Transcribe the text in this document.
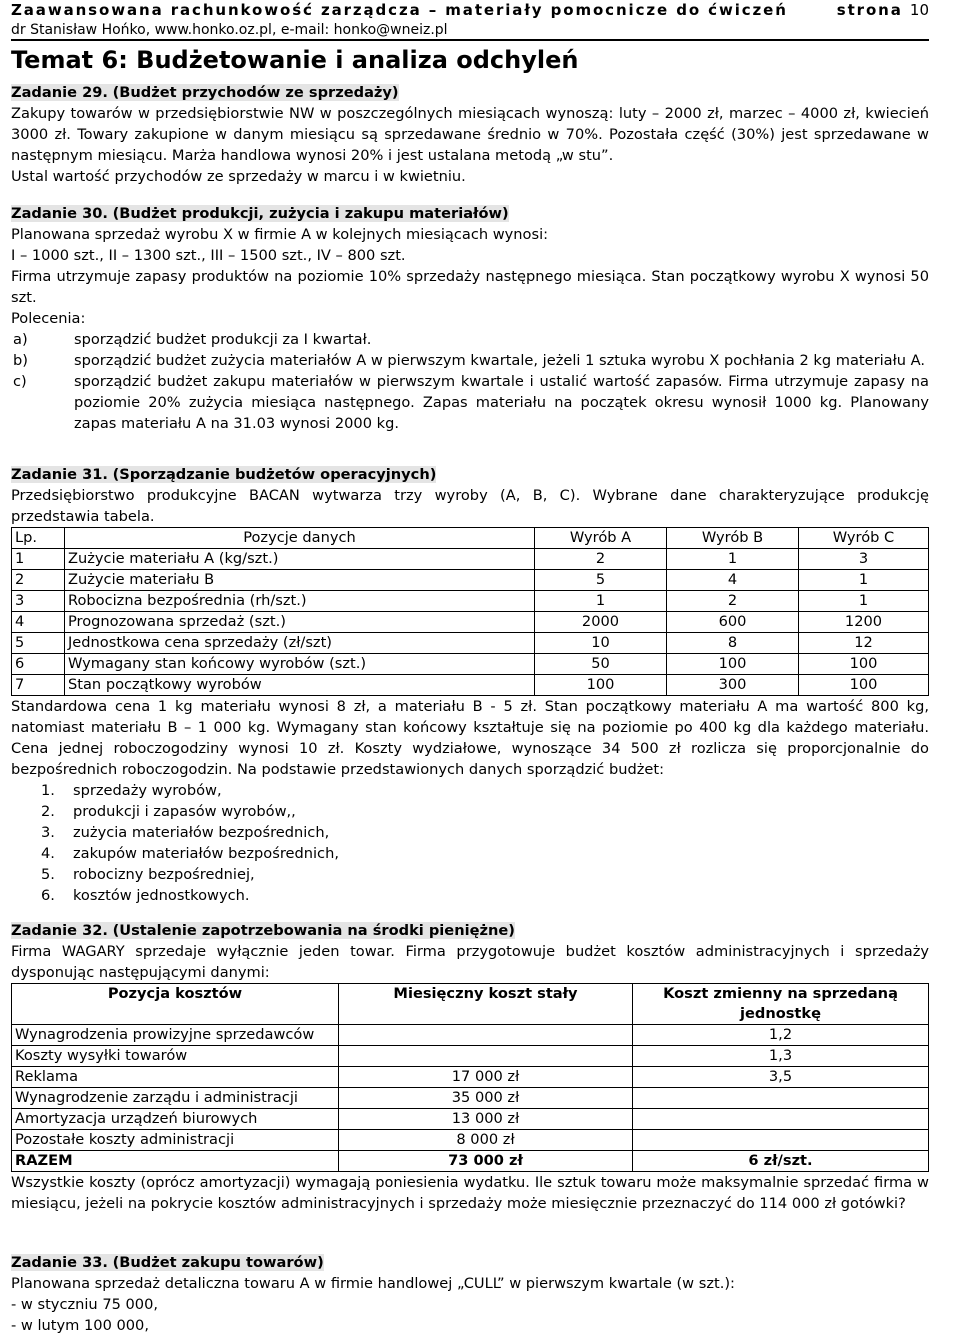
Zaawansowana rachunkowość zarządcza – materiały pomocnicze do ćwiczeń	strona 10
dr Stanisław Hońko, www.honko.oz.pl, e-mail: honko@wneiz.pl
Temat 6: Budżetowanie i analiza odchyleń
Zadanie 29. (Budżet przychodów ze sprzedaży)

Zakupy towarów w przedsiębiorstwie NW w poszczególnych miesiącach wynoszą: luty – 2000 zł, marzec – 4000 zł, kwiecień 3000 zł. Towary zakupione w danym miesiącu są sprzedawane średnio w 70%. Pozostała część (30%) jest sprzedawane w następnym miesiącu. Marża handlowa wynosi 20% i jest ustalana metodą „w stu”.

Ustal wartość przychodów ze sprzedaży w marcu i w kwietniu.

Zadanie 30. (Budżet produkcji, zużycia i zakupu materiałów)

Planowana sprzedaż wyrobu X w firmie A w kolejnych miesiącach wynosi:

I – 1000 szt., II – 1300 szt., III – 1500 szt., IV – 800 szt.

Firma utrzymuje zapasy produktów na poziomie 10% sprzedaży następnego miesiąca. Stan początkowy wyrobu X wynosi 50 szt.

Polecenia:

a)	sporządzić budżet produkcji za I kwartał.

b)	sporządzić budżet zużycia materiałów A w pierwszym kwartale, jeżeli 1 sztuka wyrobu X pochłania 2 kg materiału A.

c)	sporządzić budżet zakupu materiałów w pierwszym kwartale i ustalić wartość zapasów. Firma utrzymuje zapasy na poziomie 20% zużycia miesiąca następnego. Zapas materiału na początek okresu wynosił 1000 kg. Planowany zapas materiału A na 31.03 wynosi 2000 kg.

Zadanie 31. (Sporządzanie budżetów operacyjnych)

Przedsiębiorstwo produkcyjne BACAN wytwarza trzy wyroby (A, B, C). Wybrane dane charakteryzujące produkcję przedstawia tabela.

Lp.	Pozycje danych	Wyrób A	Wyrób B	Wyrób C
1	Zużycie materiału A (kg/szt.)	2	1	3
2	Zużycie materiału B	5	4	1
3	Robocizna bezpośrednia (rh/szt.)	1	2	1
4	Prognozowana sprzedaż (szt.)	2000	600	1200
5	Jednostkowa cena sprzedaży (zł/szt)	10	8	12
6	Wymagany stan końcowy wyrobów (szt.)	50	100	100
7	Stan początkowy wyrobów	100	300	100

Standardowa cena 1 kg materiału wynosi 8 zł, a materiału B - 5 zł. Stan początkowy materiału A ma wartość 800 kg, natomiast materiału B – 1 000 kg. Wymagany stan końcowy kształtuje się na poziomie po 400 kg dla każdego materiału. Cena jednej roboczogodziny wynosi 10 zł. Koszty wydziałowe, wynoszące 34 500 zł rozlicza się proporcjonalnie do bezpośrednich roboczogodzin. Na podstawie przedstawionych danych sporządzić budżet:

1. sprzedaży wyrobów,
2. produkcji i zapasów wyrobów,,
3. zużycia materiałów bezpośrednich,
4. zakupów materiałów bezpośrednich,
5. robocizny bezpośredniej,
6. kosztów jednostkowych.
Zadanie 32. (Ustalenie zapotrzebowania na środki pieniężne)

Firma WAGARY sprzedaje wyłącznie jeden towar. Firma przygotowuje budżet kosztów administracyjnych i sprzedaży dysponując następującymi danymi:

Pozycja kosztów	Miesięczny koszt stały	Koszt zmienny na sprzedaną jednostkę
Wynagrodzenia prowizyjne sprzedawców		1,2
Koszty wysyłki towarów		1,3
Reklama	17 000 zł	3,5
Wynagrodzenie zarządu i administracji	35 000 zł	
Amortyzacja urządzeń biurowych	13 000 zł	
Pozostałe koszty administracji	8 000 zł	
RAZEM	73 000 zł	6 zł/szt.

Wszystkie koszty (oprócz amortyzacji) wymagają poniesienia wydatku. Ile sztuk towaru może maksymalnie sprzedać firma w miesiącu, jeżeli na pokrycie kosztów administracyjnych i sprzedaży może miesięcznie przeznaczyć do 114 000 zł gotówki?

Zadanie 33. (Budżet zakupu towarów)

Planowana sprzedaż detaliczna towaru A w firmie handlowej „CULL” w pierwszym kwartale (w szt.):

- w styczniu 75 000,

- w lutym 100 000,
